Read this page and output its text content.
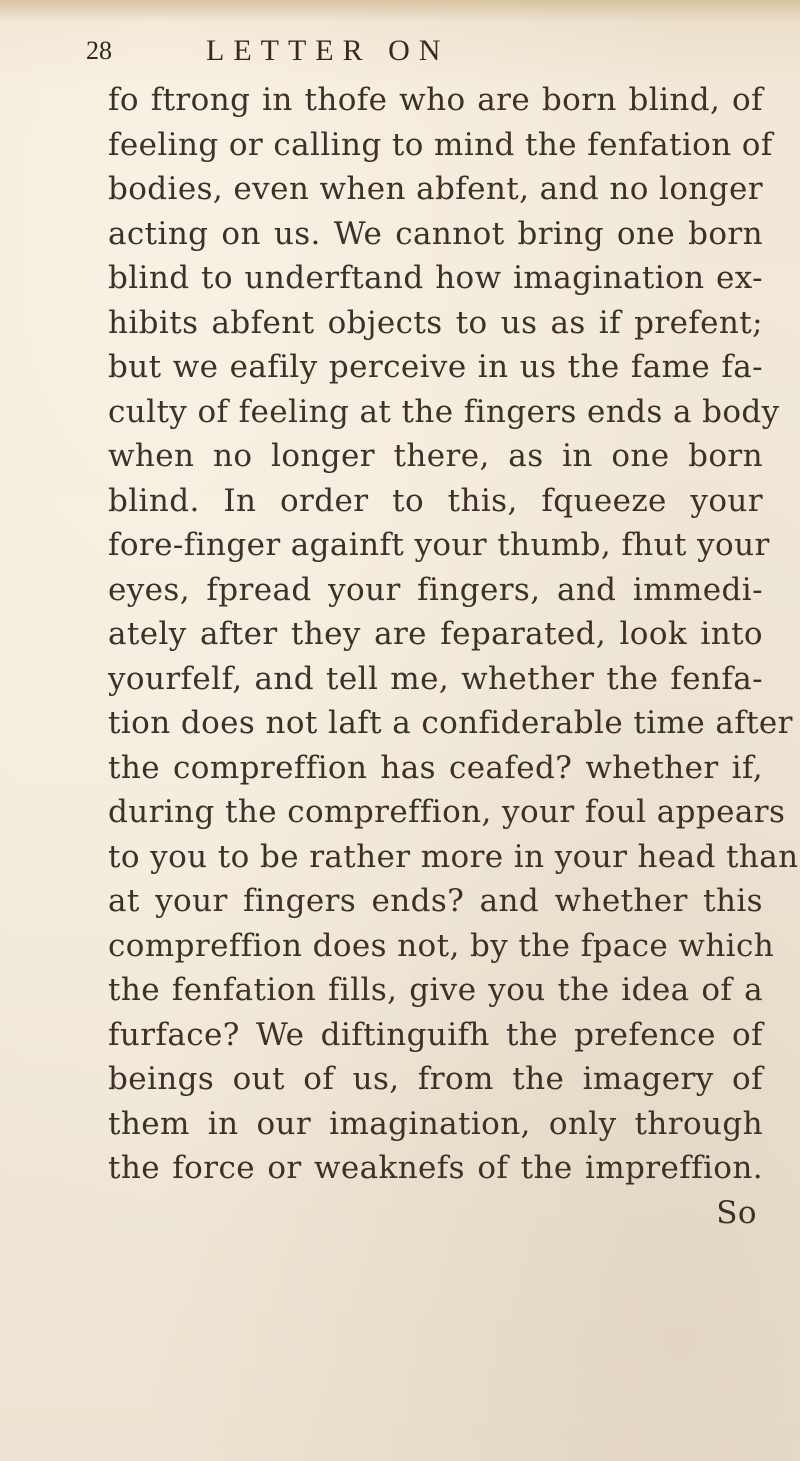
28	LETTER ON
fo ftrong in thofe who are born blind, of
feeling or calling to mind the fenfation of
bodies, even when abfent, and no longer
acting on us. We cannot bring one born
blind to underftand how imagination ex-
hibits abfent objects to us as if prefent;
but we eafily perceive in us the fame fa-
culty of feeling at the fingers ends a body
when no longer there, as in one born
blind. In order to this, fqueeze your
fore-finger againft your thumb, fhut your
eyes, fpread your fingers, and immedi-
ately after they are feparated, look into
yourfelf, and tell me, whether the fenfa-
tion does not laft a confiderable time after
the compreffion has ceafed? whether if,
during the compreffion, your foul appears
to you to be rather more in your head than
at your fingers ends? and whether this
compreffion does not, by the fpace which
the fenfation fills, give you the idea of a
furface? We diftinguifh the prefence of
beings out of us, from the imagery of
them in our imagination, only through
the force or weaknefs of the impreffion.
So
